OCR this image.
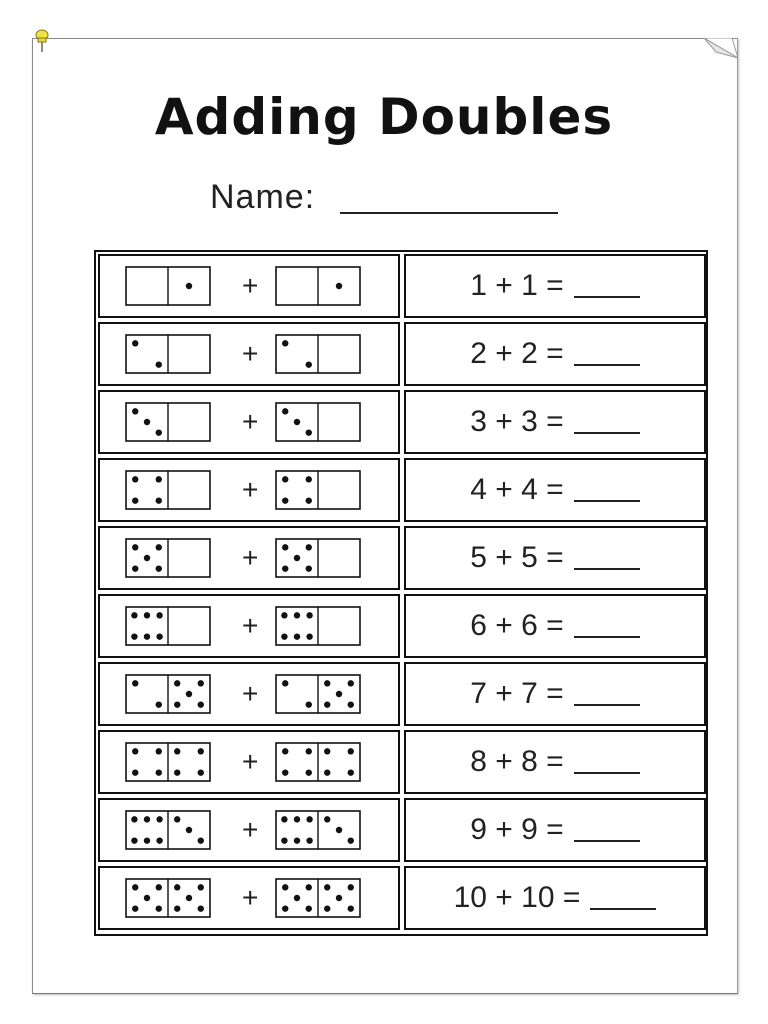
Adding Doubles
Name:
+	1 + 1 =
+	2 + 2 =
+	3 + 3 =
+	4 + 4 =
+	5 + 5 =
+	6 + 6 =
+	7 + 7 =
+	8 + 8 =
+	9 + 9 =
+	10 + 10 =
